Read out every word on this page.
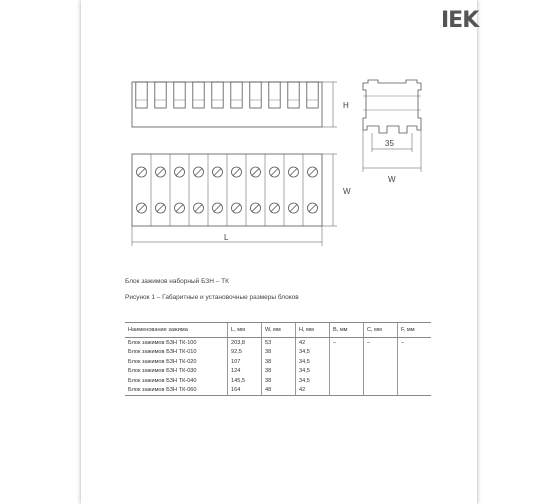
IEK
H
W
L
35
W
Блок зажимов наборный БЗН – ТК
Рисунок 1 – Габаритные и установочные размеры блоков
Наименование зажима	L, мм	W, мм	H, мм	B, мм	C, мм	F, мм
Блок зажимов БЗН ТК-100	203,8	53	42	–	–	–
Блок зажимов БЗН ТК-010	92,5	38	34,5			
Блок зажимов БЗН ТК-020	107	38	34,5			
Блок зажимов БЗН ТК-030	124	38	34,5			
Блок зажимов БЗН ТК-040	145,5	38	34,5			
Блок зажимов БЗН ТК-060	164	48	42			
